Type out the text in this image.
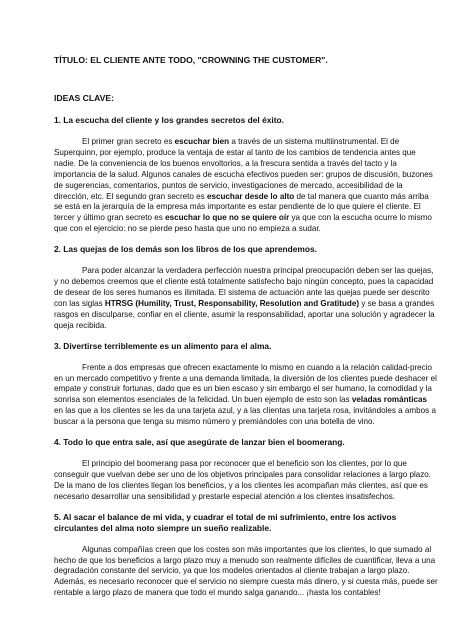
TÍTULO: EL CLIENTE ANTE TODO, "CROWNING THE CUSTOMER".
IDEAS CLAVE:
1. La escucha del cliente y los grandes secretos del éxito.
El primer gran secreto es escuchar bien a través de un sistema multiinstrumental. El de Superquinn, por ejemplo, produce la ventaja de estar al tanto de los cambios de tendencia antes que nadie. De la conveniencia de los buenos envoltorios, a la frescura sentida a través del tacto y la importancia de la salud. Algunos canales de escucha efectivos pueden ser: grupos de discusión, buzones de sugerencias, comentarios, puntos de servicio, investigaciones de mercado, accesibilidad de la dirección, etc. El segundo gran secreto es escuchar desde lo alto de tal manera que cuanto más arriba se está en la jerarquía de la empresa más importante es estar pendiente de lo que quiere el cliente. El tercer y último gran secreto es escuchar lo que no se quiere oír ya que con la escucha ocurre lo mismo que con el ejercicio: no se pierde peso hasta que uno no empieza a sudar.
2. Las quejas de los demás son los libros de los que aprendemos.
Para poder alcanzar la verdadera perfección nuestra principal preocupación deben ser las quejas, y no debemos creemos que el cliente está totalmente satisfecho bajo ningún concepto, pues la capacidad de desear de los seres humanos es ilimitada. El sistema de actuación ante las quejas puede ser descrito con las siglas HTRSG (Humility, Trust, Responsability, Resolution and Gratitude) y se basa a grandes rasgos en disculparse, confiar en el cliente, asumir la responsabilidad, aportar una solución y agradecer la queja recibida.
3. Divertirse terriblemente es un alimento para el alma.
Frente a dos empresas que ofrecen exactamente lo mismo en cuando a la relación calidad-precio en un mercado competitivo y frente a una demanda limitada, la diversión de los clientes puede deshacer el empate y construir fortunas, dado que es un bien escaso y sin embargo el ser humano, la comodidad y la sonrisa son elementos esenciales de la felicidad. Un buen ejemplo de esto son las veladas románticas en las que a los clientes se les da una tarjeta azul, y a las clientas una tarjeta rosa, invitándoles a ambos a buscar a la persona que tenga su mismo número y premiándoles con una botella de vino.
4. Todo lo que entra sale, así que asegúrate de lanzar bien el boomerang.
El principio del boomerang pasa por reconocer que el beneficio son los clientes, por lo que conseguir que vuelvan debe ser uno de los objetivos principales para consolidar relaciones a largo plazo. De la mano de los clientes llegan los beneficios, y a los clientes les acompañan más clientes, así que es necesario desarrollar una sensibilidad y prestarle especial atención a los clientes insatisfechos.
5. Al sacar el balance de mi vida, y cuadrar el total de mi sufrimiento, entre los activos circulantes del alma noto siempre un sueño realizable.
Algunas compañías creen que los costes son más importantes que los clientes, lo que sumado al hecho de que los beneficios a largo plazo muy a menudo son realmente difíciles de cuantificar, lleva a una degradación constante del servicio, ya que los modelos orientados al cliente trabajan a largo plazo. Además, es necesario reconocer que el servicio no siempre cuesta más dinero, y si cuesta más, puede ser rentable a largo plazo de manera que todo el mundo salga ganando... ¡hasta los contables!
